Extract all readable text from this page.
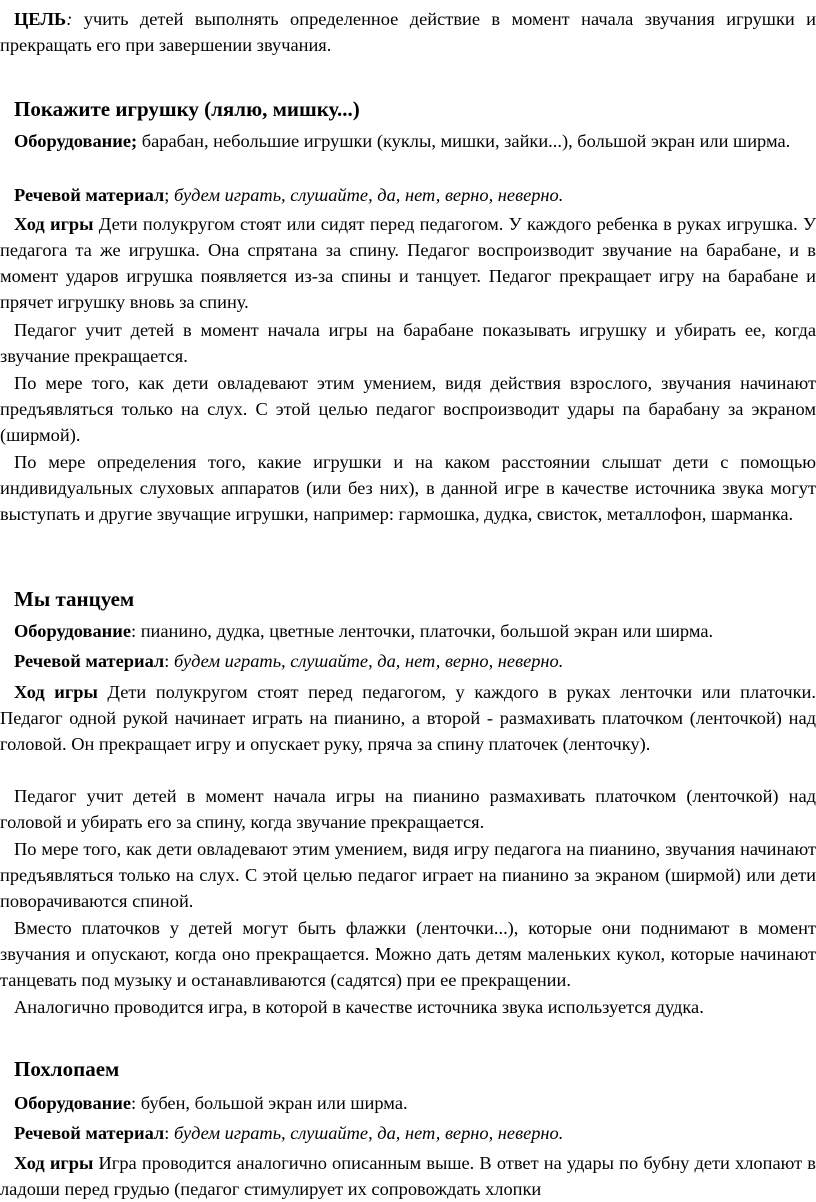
ЦЕЛЬ: учить детей выполнять определенное действие в момент начала звучания игрушки и прекращать его при завершении звучания.

Покажите игрушку (лялю, мишку...)

Оборудование; барабан, небольшие игрушки (куклы, мишки, зайки...), большой экран или ширма.

Речевой материал; будем играть, слушайте, да, нет, верно, неверно.

Ход игры Дети полукругом стоят или сидят перед педагогом. У каждого ребенка в руках игрушка. У педагога та же игрушка. Она спрятана за спину. Педагог воспроизводит звучание на барабане, и в момент ударов игрушка появляется из-за спины и танцует. Педагог прекращает игру на барабане и прячет игрушку вновь за спину.

Педагог учит детей в момент начала игры на барабане показывать игрушку и убирать ее, когда звучание прекращается.

По мере того, как дети овладевают этим умением, видя действия взрослого, звучания начинают предъявляться только на слух. С этой целью педагог воспроизводит удары па барабану за экраном (ширмой).

По мере определения того, какие игрушки и на каком расстоянии слышат дети с помощью индивидуальных слуховых аппаратов (или без них), в данной игре в качестве источника звука могут выступать и другие звучащие игрушки, например: гармошка, дудка, свисток, металлофон, шарманка.

Мы танцуем

Оборудование: пианино, дудка, цветные ленточки, платочки, большой экран или ширма.

Речевой материал: будем играть, слушайте, да, нет, верно, неверно.

Ход игры Дети полукругом стоят перед педагогом, у каждого в руках ленточки или платочки. Педагог одной рукой начинает играть на пианино, а второй - размахивать платочком (ленточкой) над головой. Он прекращает игру и опускает руку, пряча за спину платочек (ленточку).

Педагог учит детей в момент начала игры на пианино размахивать платочком (ленточкой) над головой и убирать его за спину, когда звучание прекращается.

По мере того, как дети овладевают этим умением, видя игру педагога на пианино, звучания начинают предъявляться только на слух. С этой целью педагог играет на пианино за экраном (ширмой) или дети поворачиваются спиной.

Вместо платочков у детей могут быть флажки (ленточки...), которые они поднимают в момент звучания и опускают, когда оно прекращается. Можно дать детям маленьких кукол, которые начинают танцевать под музыку и останавливаются (садятся) при ее прекращении.

Аналогично проводится игра, в которой в качестве источника звука используется дудка.

Похлопаем

Оборудование: бубен, большой экран или ширма.

Речевой материал: будем играть, слушайте, да, нет, верно, неверно.

Ход игры Игра проводится аналогично описанным выше. В ответ на удары по бубну дети хлопают в ладоши перед грудью (педагог стимулирует их сопровождать хлопки
